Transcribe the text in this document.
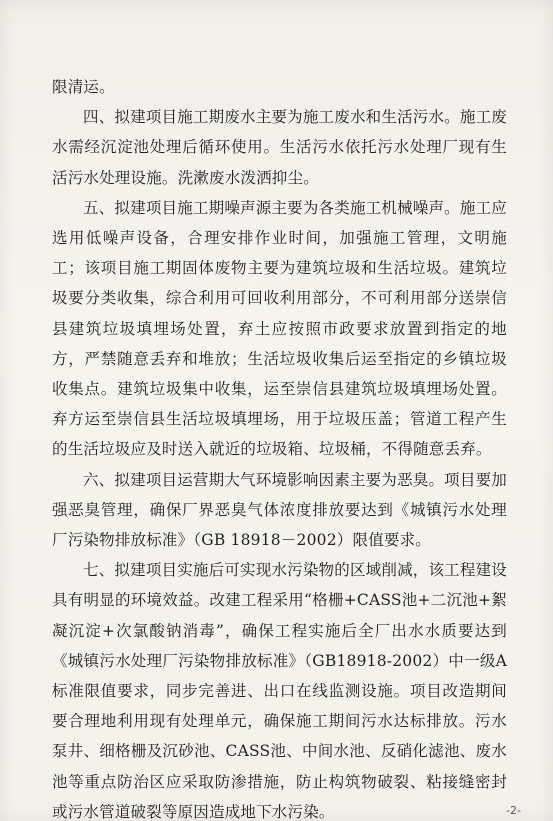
限清运。

四、拟建项目施工期废水主要为施工废水和生活污水。施工废水需经沉淀池处理后循环使用。生活污水依托污水处理厂现有生活污水处理设施。洗漱废水泼洒抑尘。

五、拟建项目施工期噪声源主要为各类施工机械噪声。施工应选用低噪声设备，合理安排作业时间，加强施工管理，文明施工；该项目施工期固体废物主要为建筑垃圾和生活垃圾。建筑垃圾要分类收集，综合利用可回收利用部分，不可利用部分送崇信县建筑垃圾填埋场处置，弃土应按照市政要求放置到指定的地方，严禁随意丢弃和堆放；生活垃圾收集后运至指定的乡镇垃圾收集点。建筑垃圾集中收集，运至崇信县建筑垃圾填埋场处置。弃方运至崇信县生活垃圾填埋场，用于垃圾压盖；管道工程产生的生活垃圾应及时送入就近的垃圾箱、垃圾桶，不得随意丢弃。

六、拟建项目运营期大气环境影响因素主要为恶臭。项目要加强恶臭管理，确保厂界恶臭气体浓度排放要达到《城镇污水处理厂污染物排放标准》（GB 18918－2002）限值要求。

七、拟建项目实施后可实现水污染物的区域削减，该工程建设具有明显的环境效益。改建工程采用“格栅+CASS池+二沉池+絮凝沉淀+次氯酸钠消毒”，确保工程实施后全厂出水水质要达到《城镇污水处理厂污染物排放标准》（GB18918-2002）中一级A标准限值要求，同步完善进、出口在线监测设施。项目改造期间要合理地利用现有处理单元，确保施工期间污水达标排放。污水泵井、细格栅及沉砂池、CASS池、中间水池、反硝化滤池、废水池等重点防治区应采取防渗措施，防止构筑物破裂、粘接缝密封或污水管道破裂等原因造成地下水污染。	-2-
